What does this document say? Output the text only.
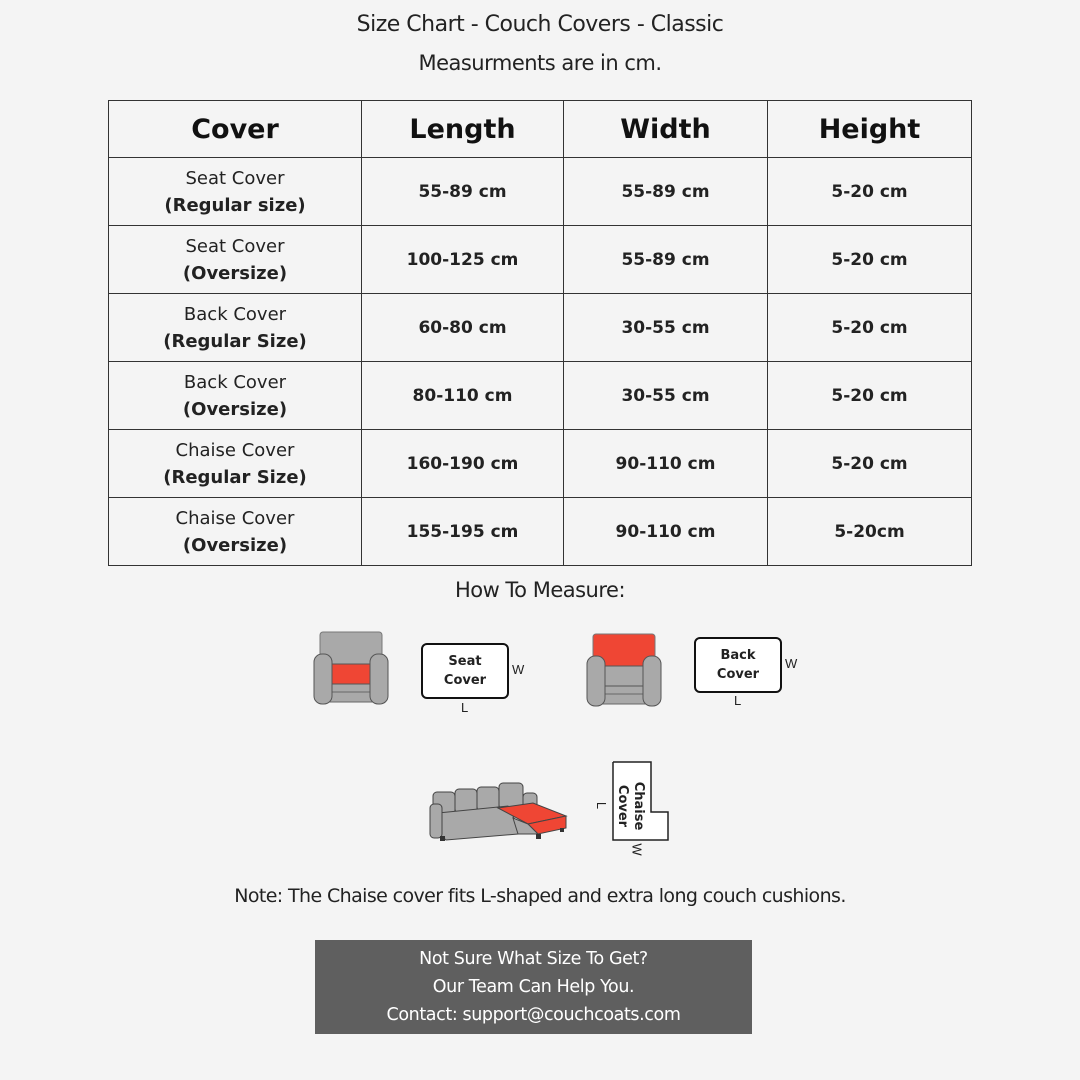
Size Chart - Couch Covers - Classic
Measurments are in cm.
Cover	Length	Width	Height
Seat Cover
(Regular size)	55-89 cm	55-89 cm	5-20 cm
Seat Cover
(Oversize)	100-125 cm	55-89 cm	5-20 cm
Back Cover
(Regular Size)	60-80 cm	30-55 cm	5-20 cm
Back Cover
(Oversize)	80-110 cm	30-55 cm	5-20 cm
Chaise Cover
(Regular Size)	160-190 cm	90-110 cm	5-20 cm
Chaise Cover
(Oversize)	155-195 cm	90-110 cm	5-20cm
How To Measure:
Seat
Cover
W
L
Back
Cover
W
L
Chaise
Cover
L
W
Note: The Chaise cover fits L-shaped and extra long couch cushions.
Not Sure What Size To Get?
Our Team Can Help You.
Contact: support@couchcoats.com
